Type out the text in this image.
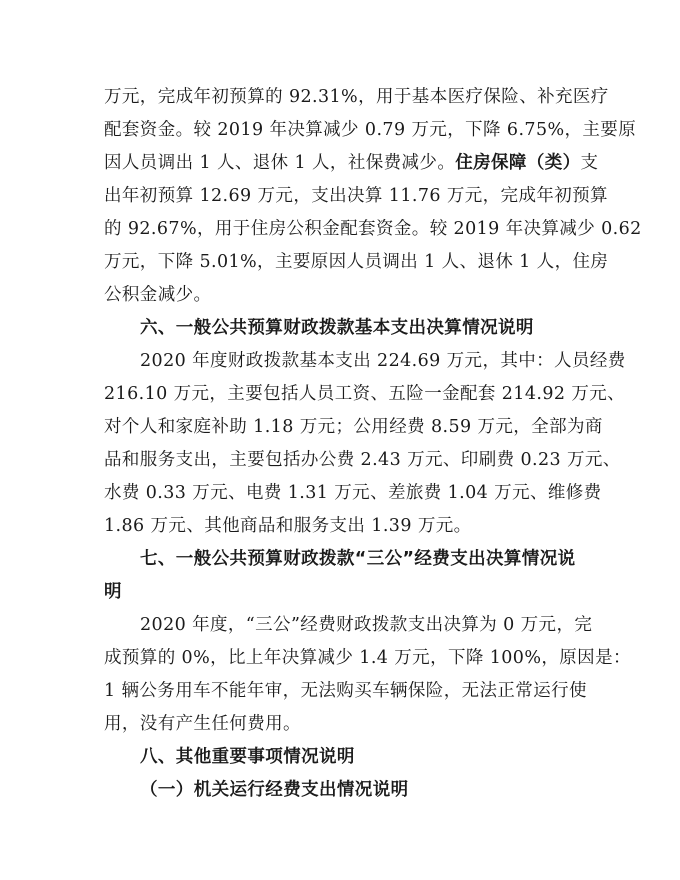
万元，完成年初预算的 92.31%，用于基本医疗保险、补充医疗
配套资金。较 2019 年决算减少 0.79 万元，下降 6.75%，主要原
因人员调出 1 人、退休 1 人，社保费减少。住房保障（类）支
出年初预算 12.69 万元，支出决算 11.76 万元，完成年初预算
的 92.67%，用于住房公积金配套资金。较 2019 年决算减少 0.62
万元，下降 5.01%，主要原因人员调出 1 人、退休 1 人，住房
公积金减少。
六、一般公共预算财政拨款基本支出决算情况说明
2020 年度财政拨款基本支出 224.69 万元，其中：人员经费
216.10 万元，主要包括人员工资、五险一金配套 214.92 万元、
对个人和家庭补助 1.18 万元；公用经费 8.59 万元，全部为商
品和服务支出，主要包括办公费 2.43 万元、印刷费 0.23 万元、
水费 0.33 万元、电费 1.31 万元、差旅费 1.04 万元、维修费
1.86 万元、其他商品和服务支出 1.39 万元。
七、一般公共预算财政拨款“三公”经费支出决算情况说
明
2020 年度，“三公”经费财政拨款支出决算为 0 万元，完
成预算的 0%，比上年决算减少 1.4 万元，下降 100%，原因是：
1 辆公务用车不能年审，无法购买车辆保险，无法正常运行使
用，没有产生任何费用。
八、其他重要事项情况说明
（一）机关运行经费支出情况说明
